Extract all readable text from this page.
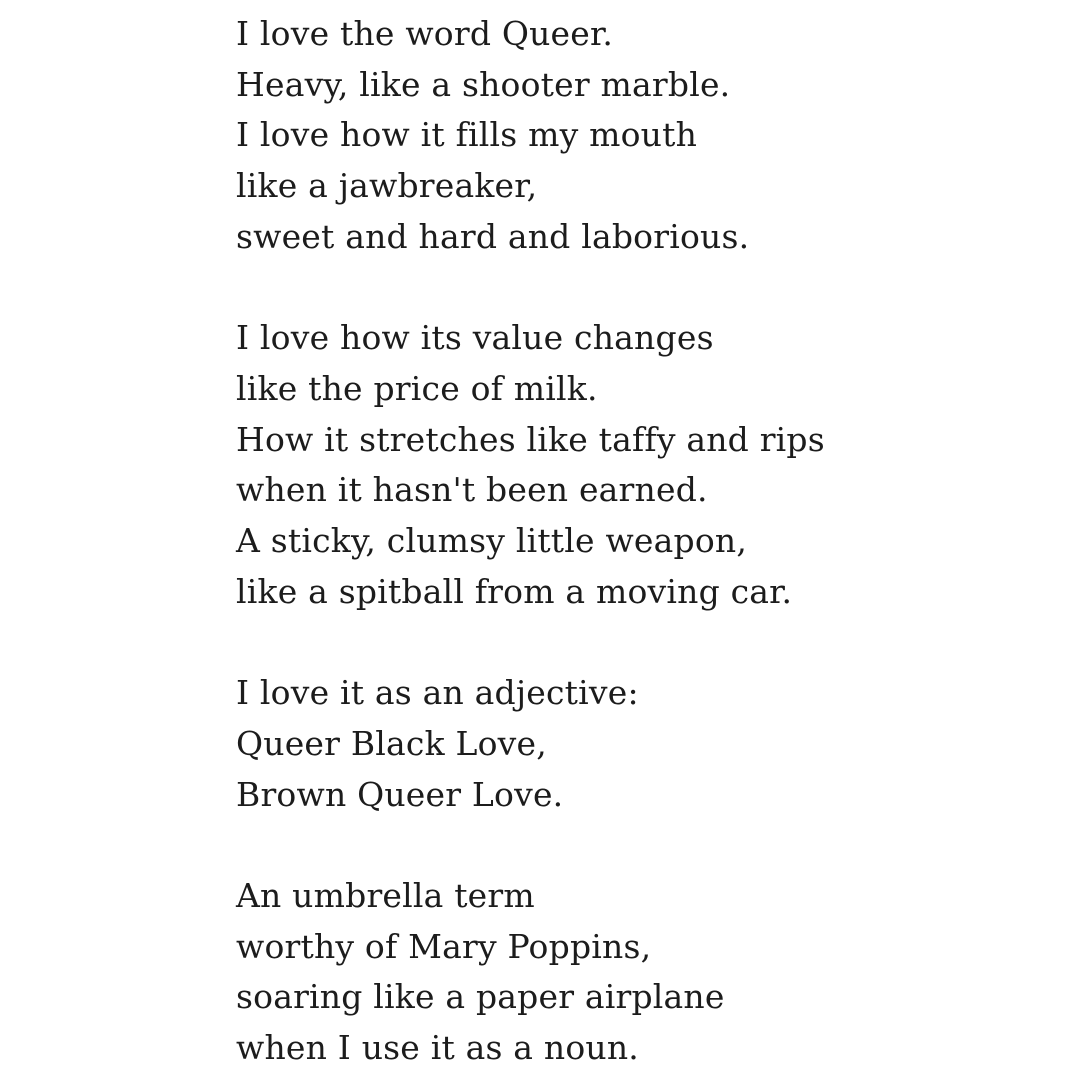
I love the word Queer.
Heavy, like a shooter marble.
I love how it fills my mouth
like a jawbreaker,
sweet and hard and laborious.
I love how its value changes
like the price of milk.
How it stretches like taffy and rips
when it hasn't been earned.
A sticky, clumsy little weapon,
like a spitball from a moving car.
I love it as an adjective:
Queer Black Love,
Brown Queer Love.
An umbrella term
worthy of Mary Poppins,
soaring like a paper airplane
when I use it as a noun.
